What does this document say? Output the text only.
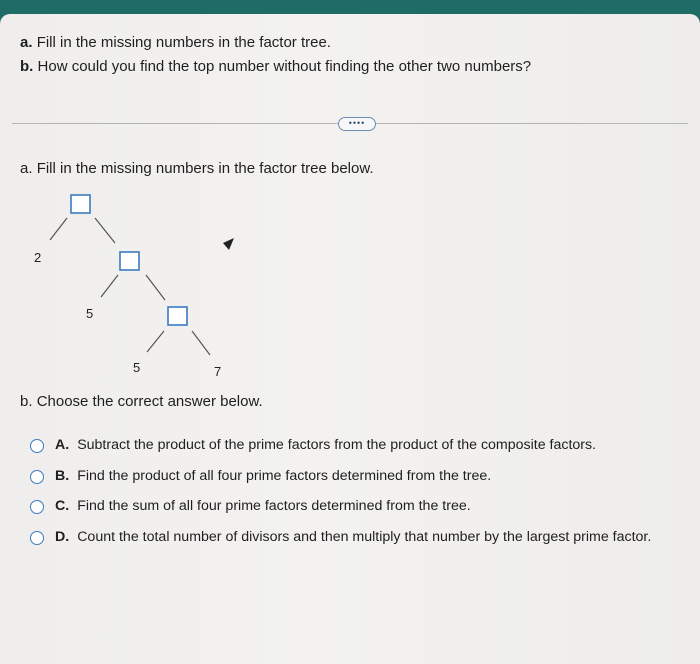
a. Fill in the missing numbers in the factor tree.
b. How could you find the top number without finding the other two numbers?
••••
a. Fill in the missing numbers in the factor tree below.
2
5
5	7
b. Choose the correct answer below.
A. Subtract the product of the prime factors from the product of the composite factors.
B. Find the product of all four prime factors determined from the tree.
C. Find the sum of all four prime factors determined from the tree.
D. Count the total number of divisors and then multiply that number by the largest prime factor.
